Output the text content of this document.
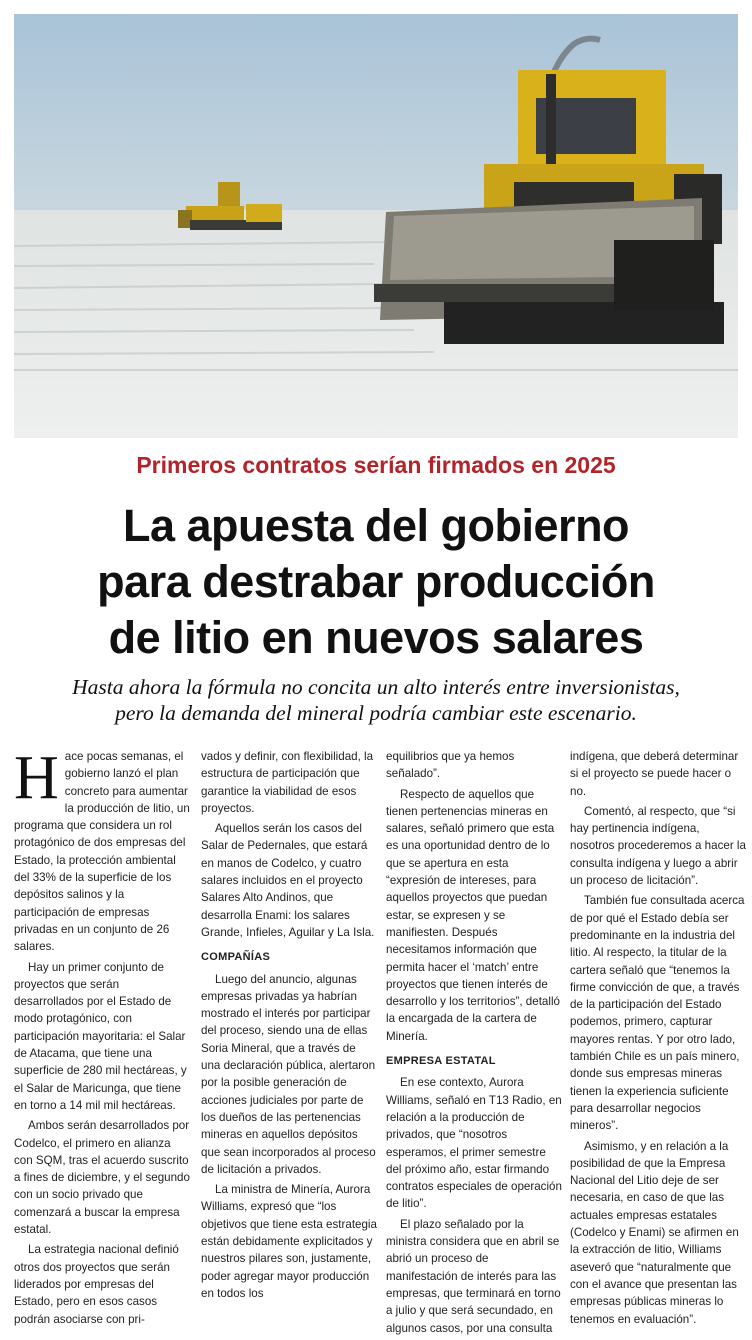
Primeros contratos serían firmados en 2025
La apuesta del gobierno
para destrabar producción
de litio en nuevos salares
Hasta ahora la fórmula no concita un alto interés entre inversionistas,
pero la demanda del mineral podría cambiar este escenario.

Hace pocas semanas, el gobierno lanzó el plan concreto para aumentar la producción de litio, un programa que considera un rol protagónico de dos empresas del Estado, la protección ambiental del 33% de la superficie de los depósitos salinos y la participación de empresas privadas en un conjunto de 26 salares.

Hay un primer conjunto de proyectos que serán desarrollados por el Estado de modo protagónico, con participación mayoritaria: el Salar de Atacama, que tiene una superficie de 280 mil hectáreas, y el Salar de Maricunga, que tiene en torno a 14 mil mil hectáreas.

Ambos serán desarrollados por Codelco, el primero en alianza con SQM, tras el acuerdo suscrito a fines de diciembre, y el segundo con un socio privado que comenzará a buscar la empresa estatal.

La estrategia nacional definió otros dos proyectos que serán liderados por empresas del Estado, pero en esos casos podrán asociarse con pri-

vados y definir, con flexibilidad, la estructura de participación que garantice la viabilidad de esos proyectos.

Aquellos serán los casos del Salar de Pedernales, que estará en manos de Codelco, y cuatro salares incluidos en el proyecto Salares Alto Andinos, que desarrolla Enami: los salares Grande, Infieles, Aguilar y La Isla.

COMPAÑÍAS

Luego del anuncio, algunas empresas privadas ya habrían mostrado el interés por participar del proceso, siendo una de ellas Soria Mineral, que a través de una declaración pública, alertaron por la posible generación de acciones judiciales por parte de los dueños de las pertenencias mineras en aquellos depósitos que sean incorporados al proceso de licitación a privados.

La ministra de Minería, Aurora Williams, expresó que “los objetivos que tiene esta estrategia están debidamente explicitados y nuestros pilares son, justamente, poder agregar mayor producción en todos los

equilibrios que ya hemos señalado”.

Respecto de aquellos que tienen pertenencias mineras en salares, señaló primero que esta es una oportunidad dentro de lo que se apertura en esta “expresión de intereses, para aquellos proyectos que puedan estar, se expresen y se manifiesten. Después necesitamos información que permita hacer el ‘match’ entre proyectos que tienen interés de desarrollo y los territorios”, detalló la encargada de la cartera de Minería.

EMPRESA ESTATAL

En ese contexto, Aurora Williams, señaló en T13 Radio, en relación a la producción de privados, que “nosotros esperamos, el primer semestre del próximo año, estar firmando contratos especiales de operación de litio”.

El plazo señalado por la ministra considera que en abril se abrió un proceso de manifestación de interés para las empresas, que terminará en torno a julio y que será secundado, en algunos casos, por una consulta

indígena, que deberá determinar si el proyecto se puede hacer o no.

Comentó, al respecto, que “si hay pertinencia indígena, nosotros procederemos a hacer la consulta indígena y luego a abrir un proceso de licitación”.

También fue consultada acerca de por qué el Estado debía ser predominante en la industria del litio. Al respecto, la titular de la cartera señaló que “tenemos la firme convicción de que, a través de la participación del Estado podemos, primero, capturar mayores rentas. Y por otro lado, también Chile es un país minero, donde sus empresas mineras tienen la experiencia suficiente para desarrollar negocios mineros”.

Asimismo, y en relación a la posibilidad de que la Empresa Nacional del Litio deje de ser necesaria, en caso de que las actuales empresas estatales (Codelco y Enami) se afirmen en la extracción de litio, Williams aseveró que “naturalmente que con el avance que presentan las empresas públicas mineras lo tenemos en evaluación”.
